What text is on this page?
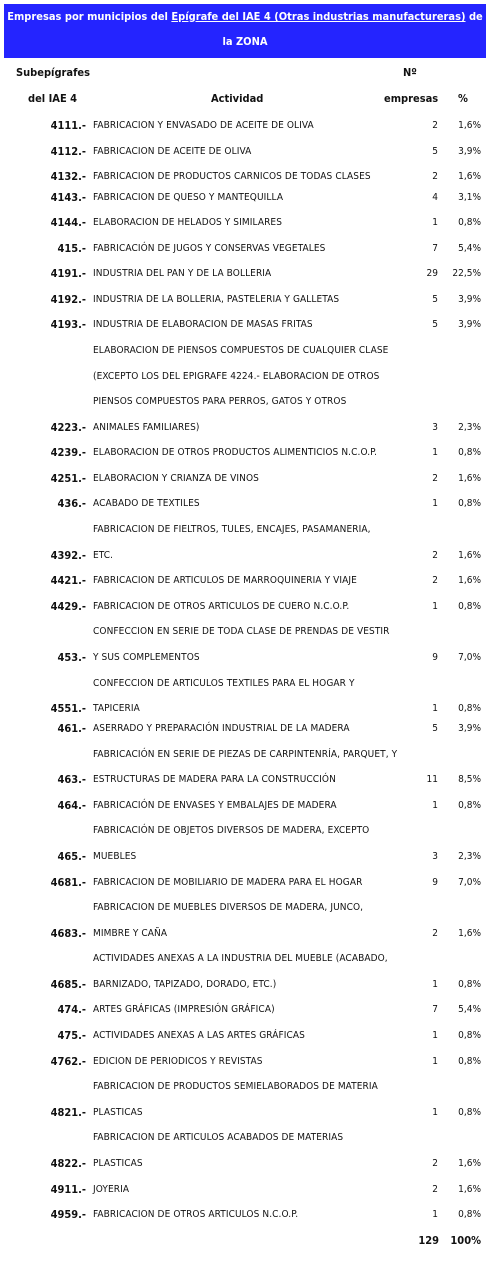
Empresas por municipios del Epígrafe del IAE 4 (Otras industrias manufactureras) de la ZONA
DE INTERVENCIÓN DEL GAL CEDER VALLE DEL TIÉTAR
Subepígrafes
del IAE 4	Actividad
Nº
empresas %
4111.- FABRICACION Y ENVASADO DE ACEITE DE OLIVA	2 1,6%
4112.- FABRICACION DE ACEITE DE OLIVA	5 3,9%
4132.- FABRICACION DE PRODUCTOS CARNICOS DE TODAS CLASES	2 1,6%
4143.- FABRICACION DE QUESO Y MANTEQUILLA	4 3,1%
4144.- ELABORACION DE HELADOS Y SIMILARES	1 0,8%
415.- FABRICACIÓN DE JUGOS Y CONSERVAS VEGETALES	7 5,4%
4191.- INDUSTRIA DEL PAN Y DE LA BOLLERIA	29 22,5%
4192.- INDUSTRIA DE LA BOLLERIA, PASTELERIA Y GALLETAS	5 3,9%
4193.- INDUSTRIA DE ELABORACION DE MASAS FRITAS	5 3,9%
ELABORACION DE PIENSOS COMPUESTOS DE CUALQUIER CLASE
(EXCEPTO LOS DEL EPIGRAFE 4224.- ELABORACION DE OTROS
PIENSOS COMPUESTOS PARA PERROS, GATOS Y OTROS
4223.- ANIMALES FAMILIARES)	3 2,3%
4239.- ELABORACION DE OTROS PRODUCTOS ALIMENTICIOS N.C.O.P.	1 0,8%
4251.- ELABORACION Y CRIANZA DE VINOS	2 1,6%
436.- ACABADO DE TEXTILES	1 0,8%
FABRICACION DE FIELTROS, TULES, ENCAJES, PASAMANERIA,
4392.- ETC.	2 1,6%
4421.- FABRICACION DE ARTICULOS DE MARROQUINERIA Y VIAJE	2 1,6%
4429.- FABRICACION DE OTROS ARTICULOS DE CUERO N.C.O.P.	1 0,8%
CONFECCION EN SERIE DE TODA CLASE DE PRENDAS DE VESTIR
453.- Y SUS COMPLEMENTOS	9 7,0%
CONFECCION DE ARTICULOS TEXTILES PARA EL HOGAR Y
4551.- TAPICERIA	1 0,8%
461.- ASERRADO Y PREPARACIÓN INDUSTRIAL DE LA MADERA	5 3,9%
FABRICACIÓN EN SERIE DE PIEZAS DE CARPINTENRÍA, PARQUET, Y
463.- ESTRUCTURAS DE MADERA PARA LA CONSTRUCCIÓN	11 8,5%
464.- FABRICACIÓN DE ENVASES Y EMBALAJES DE MADERA	1 0,8%
FABRICACIÓN DE OBJETOS DIVERSOS DE MADERA, EXCEPTO
465.- MUEBLES	3 2,3%
4681.- FABRICACION DE MOBILIARIO DE MADERA PARA EL HOGAR	9 7,0%
FABRICACION DE MUEBLES DIVERSOS DE MADERA, JUNCO,
4683.- MIMBRE Y CAÑA	2 1,6%
ACTIVIDADES ANEXAS A LA INDUSTRIA DEL MUEBLE (ACABADO,
4685.- BARNIZADO, TAPIZADO, DORADO, ETC.)	1 0,8%
474.- ARTES GRÁFICAS (IMPRESIÓN GRÁFICA)	7 5,4%
475.- ACTIVIDADES ANEXAS A LAS ARTES GRÁFICAS	1 0,8%
4762.- EDICION DE PERIODICOS Y REVISTAS	1 0,8%
FABRICACION DE PRODUCTOS SEMIELABORADOS DE MATERIA
4821.- PLASTICAS	1 0,8%
FABRICACION DE ARTICULOS ACABADOS DE MATERIAS
4822.- PLASTICAS	2 1,6%
4911.- JOYERIA	2 1,6%
4959.- FABRICACION DE OTROS ARTICULOS N.C.O.P.	1 0,8%
129 100%
